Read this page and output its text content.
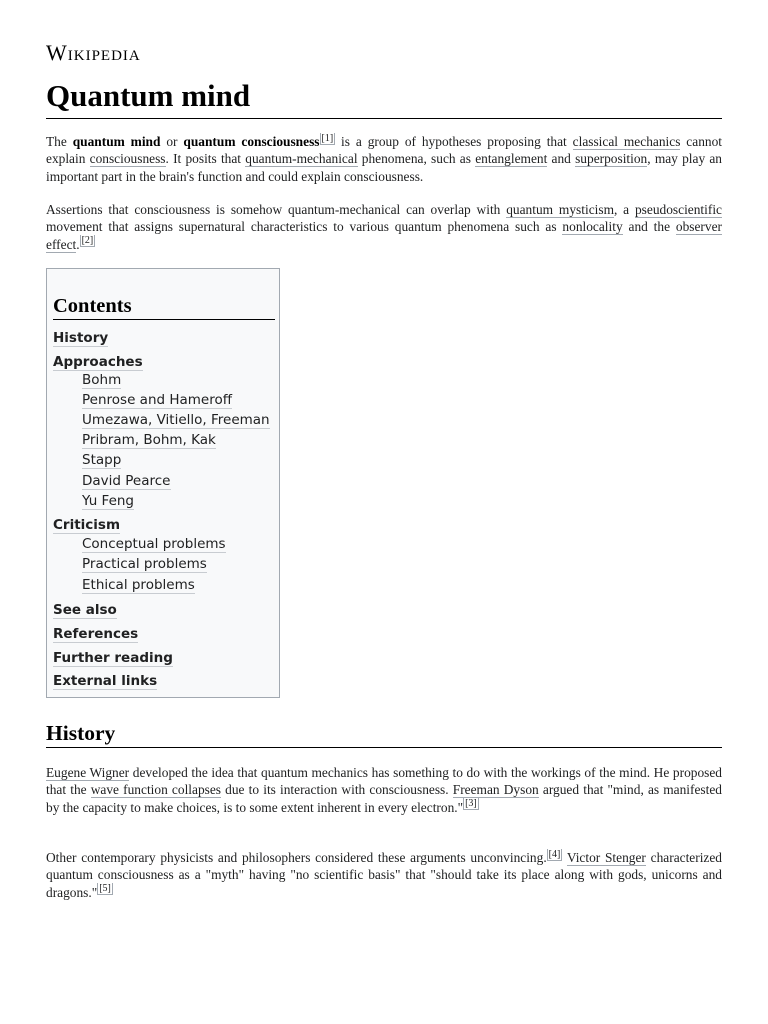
Wikipedia
Quantum mind

The quantum mind or quantum consciousness [1] is a group of hypotheses proposing that classical mechanics cannot explain consciousness. It posits that quantum-mechanical phenomena, such as entanglement and superposition, may play an important part in the brain's function and could explain consciousness.

Assertions that consciousness is somehow quantum-mechanical can overlap with quantum mysticism, a pseudoscientific movement that assigns supernatural characteristics to various quantum phenomena such as nonlocality and the observer effect. [2]

Contents
History
Approaches
Bohm
Penrose and Hameroff
Umezawa, Vitiello, Freeman
Pribram, Bohm, Kak
Stapp
David Pearce
Yu Feng
Criticism
Conceptual problems
Practical problems
Ethical problems
See also
References
Further reading
External links
History

Eugene Wigner developed the idea that quantum mechanics has something to do with the workings of the mind. He proposed that the wave function collapses due to its interaction with consciousness. Freeman Dyson argued that "mind, as manifested by the capacity to make choices, is to some extent inherent in every electron." [3]

Other contemporary physicists and philosophers considered these arguments unconvincing. [4] Victor Stenger characterized quantum consciousness as a "myth" having "no scientific basis" that "should take its place along with gods, unicorns and dragons." [5]
